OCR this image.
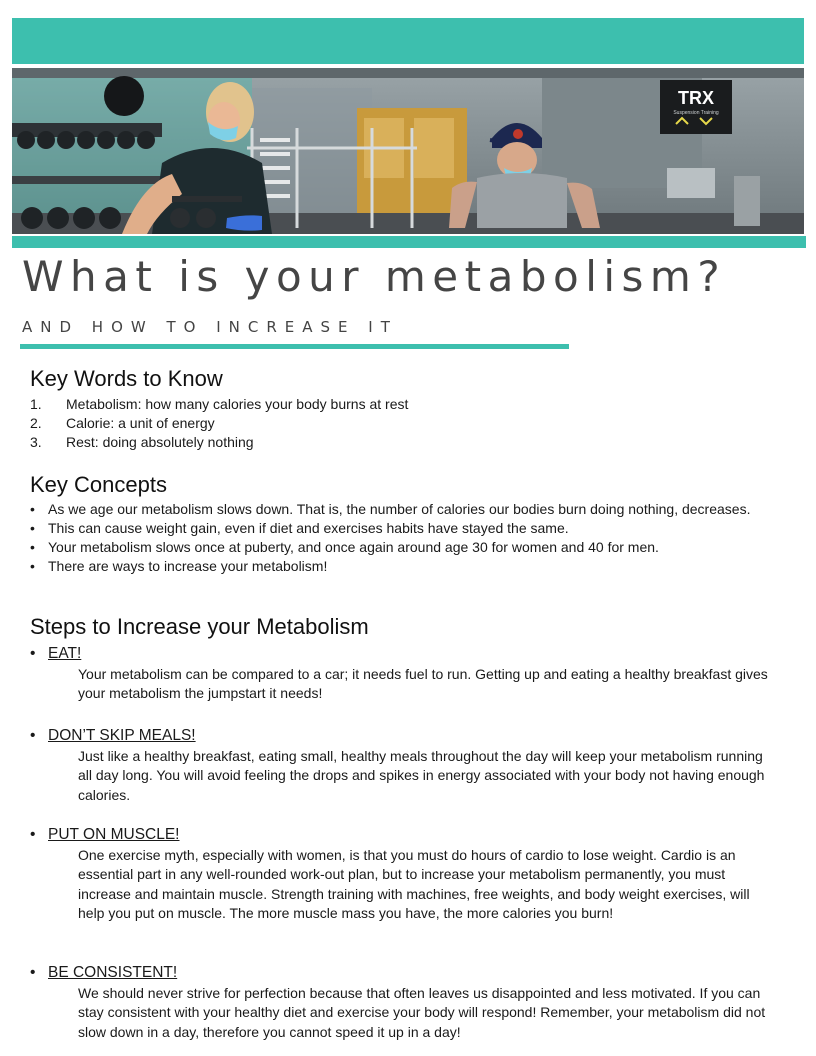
TRX
Suspension Training
What is your metabolism?
AND HOW TO INCREASE IT
Key Words to Know
1. Metabolism: how many calories your body burns at rest
2. Calorie: a unit of energy
3. Rest: doing absolutely nothing
Key Concepts
• As we age our metabolism slows down. That is, the number of calories our bodies burn doing nothing, decreases.
• This can cause weight gain, even if diet and exercises habits have stayed the same.
• Your metabolism slows once at puberty, and once again around age 30 for women and 40 for men.
• There are ways to increase your metabolism!
Steps to Increase your Metabolism
• EAT!
Your metabolism can be compared to a car; it needs fuel to run. Getting up and eating a healthy breakfast gives your metabolism the jumpstart it needs!
• DON’T SKIP MEALS!
Just like a healthy breakfast, eating small, healthy meals throughout the day will keep your metabolism running all day long. You will avoid feeling the drops and spikes in energy associated with your body not having enough calories.
• PUT ON MUSCLE!
One exercise myth, especially with women, is that you must do hours of cardio to lose weight. Cardio is an essential part in any well-rounded work-out plan, but to increase your metabolism permanently, you must increase and maintain muscle. Strength training with machines, free weights, and body weight exercises, will help you put on muscle. The more muscle mass you have, the more calories you burn!
• BE CONSISTENT!
We should never strive for perfection because that often leaves us disappointed and less motivated. If you can stay consistent with your healthy diet and exercise your body will respond! Remember, your metabolism did not slow down in a day, therefore you cannot speed it up in a day!
